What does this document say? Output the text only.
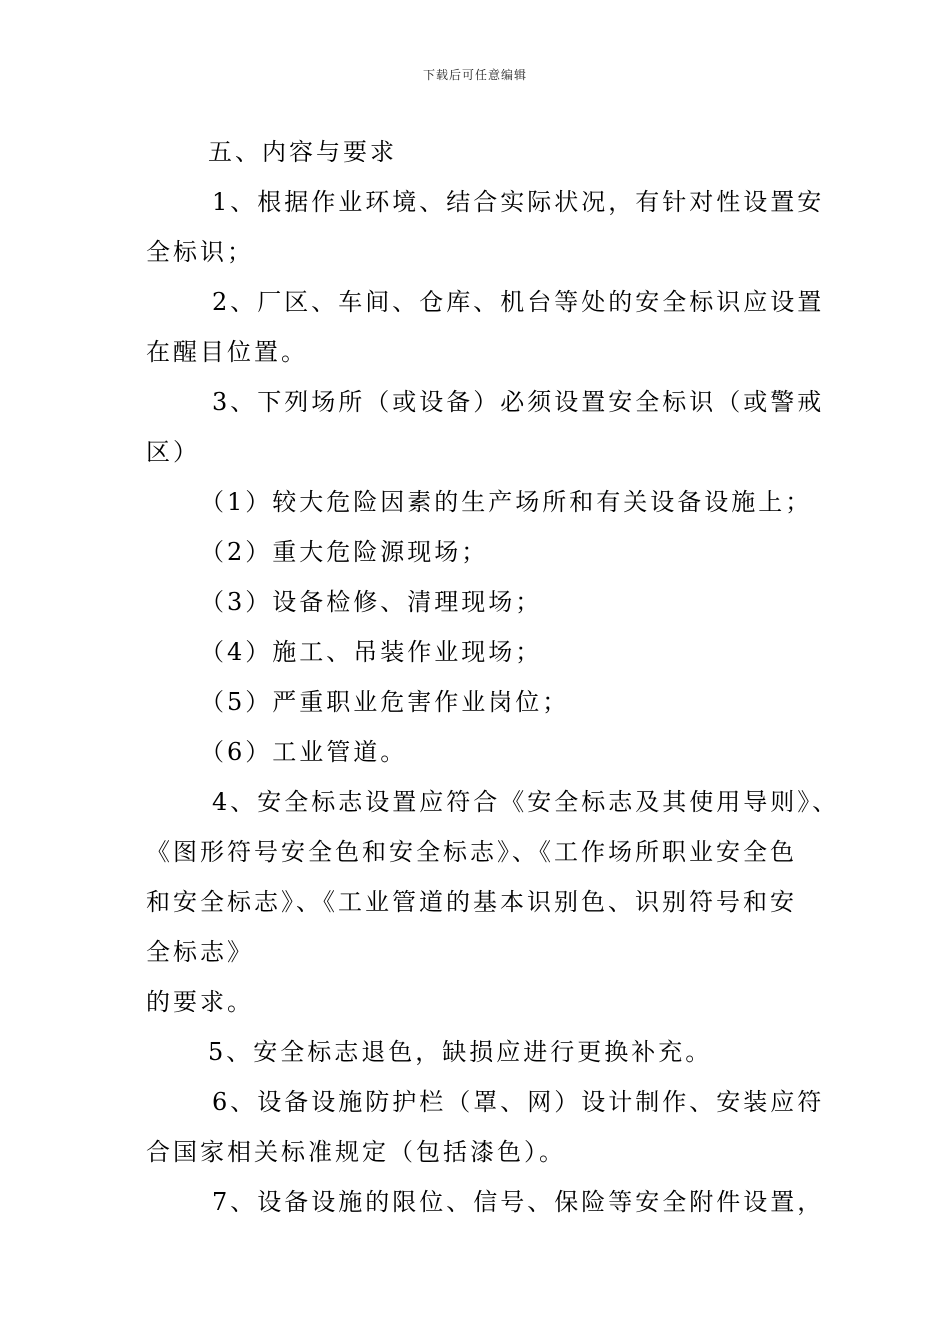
下载后可任意编辑
五、内容与要求
1、根据作业环境、结合实际状况，有针对性设置安
全标识；
2、厂区、车间、仓库、机台等处的安全标识应设置
在醒目位置。
3、下列场所（或设备）必须设置安全标识（或警戒
区）
（1）较大危险因素的生产场所和有关设备设施上；
（2）重大危险源现场；
（3）设备检修、清理现场；
（4）施工、吊装作业现场；
（5）严重职业危害作业岗位；
（6）工业管道。
4、安全标志设置应符合《安全标志及其使用导则》、
《图形符号安全色和安全标志》、《工作场所职业安全色
和安全标志》、《工业管道的基本识别色、识别符号和安
全标志》
的要求。
5、安全标志退色，缺损应进行更换补充。
6、设备设施防护栏（罩、网）设计制作、安装应符
合国家相关标准规定（包括漆色）。
7、设备设施的限位、信号、保险等安全附件设置，
